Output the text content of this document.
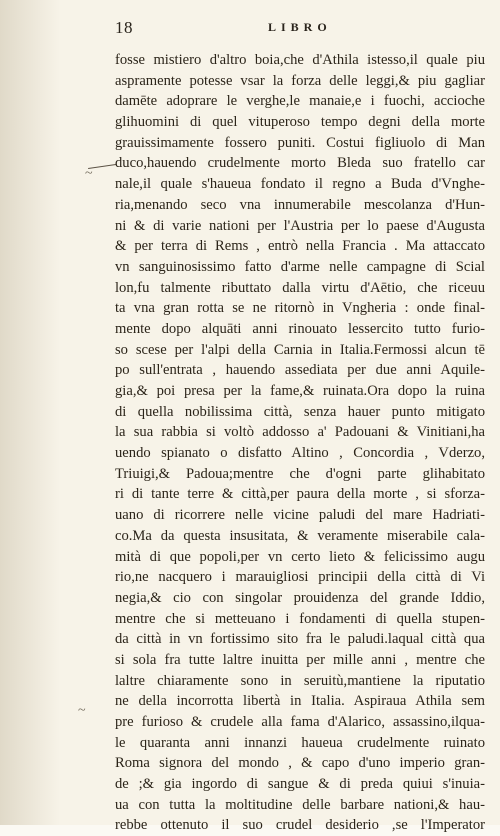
18	LIBRO
~
~
fosse mistiero d'altro boia,che d'Athila istesso,il quale piu
aspramente potesse vsar la forza delle leggi,& piu gagliar
damēte adoprare le verghe,le manaie,e i fuochi, accioche
glihuomini di quel vituperoso tempo degni della morte
grauissimamente fossero puniti. Costui figliuolo di Man
duco,hauendo crudelmente morto Bleda suo fratello car
nale,il quale s'haueua fondato il regno a Buda d'Vnghe-
ria,menando seco vna innumerabile mescolanza d'Hun-
ni & di varie nationi per l'Austria per lo paese d'Augusta
& per terra di Rems , entrò nella Francia . Ma attaccato
vn sanguinosissimo fatto d'arme nelle campagne di Scial
lon,fu talmente ributtato dalla virtu d'Aētio, che riceuu
ta vna gran rotta se ne ritornò in Vngheria : onde final-
mente dopo alquāti anni rinouato lessercito tutto furio-
so scese per l'alpi della Carnia in Italia.Fermossi alcun tē
po sull'entrata , hauendo assediata per due anni Aquile-
gia,& poi presa per la fame,& ruinata.Ora dopo la ruina
di quella nobilissima città, senza hauer punto mitigato
la sua rabbia si voltò addosso a' Padouani & Vinitiani,ha
uendo spianato o disfatto Altino , Concordia , Vderzo,
Triuigi,& Padoua;mentre che d'ogni parte glihabitato
ri di tante terre & città,per paura della morte , si sforza-
uano di ricorrere nelle vicine paludi del mare Hadriati-
co.Ma da questa insusitata, & veramente miserabile cala-
mità di que popoli,per vn certo lieto & felicissimo augu
rio,ne nacquero i marauigliosi principii della città di Vi
negia,& cio con singolar prouidenza del grande Iddio,
mentre che si metteuano i fondamenti di quella stupen-
da città in vn fortissimo sito fra le paludi.laqual città qua
si sola fra tutte laltre inuitta per mille anni , mentre che
laltre chiaramente sono in seruitù,mantiene la riputatio
ne della incorrotta libertà in Italia. Aspiraua Athila sem
pre furioso & crudele alla fama d'Alarico, assassino,ilqua-
le quaranta anni innanzi haueua crudelmente ruinato
Roma signora del mondo , & capo d'uno imperio gran-
de ;& gia ingordo di sangue & di preda quiui s'inuia-
ua con tutta la moltitudine delle barbare nationi,& hau-
rebbe ottenuto il suo crudel desiderio ,se l'Imperator
